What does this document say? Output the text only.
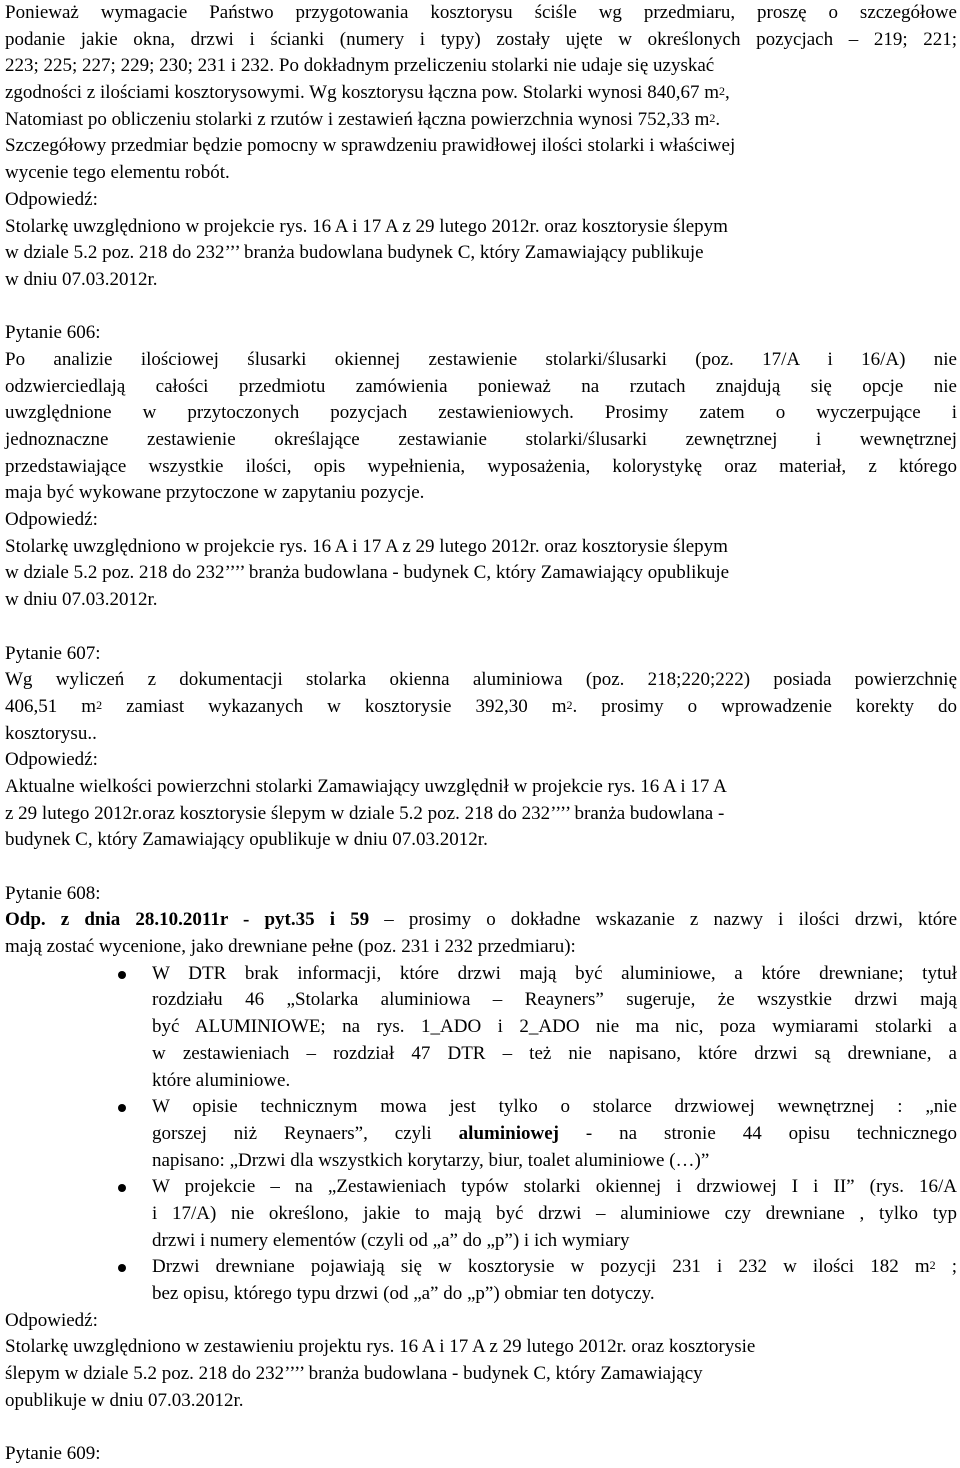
Ponieważ wymagacie Państwo przygotowania kosztorysu ściśle wg przedmiaru, proszę o szczegółowe
podanie jakie okna, drzwi i ścianki (numery i typy) zostały ujęte w określonych pozycjach – 219; 221;
223; 225; 227; 229; 230; 231 i 232. Po dokładnym przeliczeniu stolarki nie udaje się uzyskać
zgodności z ilościami kosztorysowymi. Wg kosztorysu łączna pow. Stolarki wynosi 840,67 $m^2$,
Natomiast po obliczeniu stolarki z rzutów i zestawień łączna powierzchnia wynosi 752,33 $m^2$.
Szczegółowy przedmiar będzie pomocny w sprawdzeniu prawidłowej ilości stolarki i właściwej
wycenie tego elementu robót.
Odpowiedź:
Stolarkę uwzględniono w projekcie rys. 16 A i 17 A z 29 lutego 2012r. oraz kosztorysie ślepym
w dziale 5.2 poz. 218 do 232’’’ branża budowlana budynek C, który Zamawiający publikuje
w dniu 07.03.2012r.
Pytanie 606:
Po analizie ilościowej ślusarki okiennej zestawienie stolarki/ślusarki (poz. 17/A i 16/A) nie
odzwierciedlają całości przedmiotu zamówienia ponieważ na rzutach znajdują się opcje nie
uwzględnione w przytoczonych pozycjach zestawieniowych. Prosimy zatem o wyczerpujące i
jednoznaczne zestawienie określające zestawianie stolarki/ślusarki zewnętrznej i wewnętrznej
przedstawiające wszystkie ilości, opis wypełnienia, wyposażenia, kolorystykę oraz materiał, z którego
maja być wykowane przytoczone w zapytaniu pozycje.
Odpowiedź:
Stolarkę uwzględniono w projekcie rys. 16 A i 17 A z 29 lutego 2012r. oraz kosztorysie ślepym
w dziale 5.2 poz. 218 do 232’’’’ branża budowlana - budynek C, który Zamawiający opublikuje
w dniu 07.03.2012r.
Pytanie 607:
Wg wyliczeń z dokumentacji stolarka okienna aluminiowa (poz. 218;220;222) posiada powierzchnię
406,51 $m^2$ zamiast wykazanych w kosztorysie 392,30 $m^2$. prosimy o wprowadzenie korekty do
kosztorysu..
Odpowiedź:
Aktualne wielkości powierzchni stolarki Zamawiający uwzględnił w projekcie rys. 16 A i 17 A
z 29 lutego 2012r.oraz kosztorysie ślepym w dziale 5.2 poz. 218 do 232’’’’ branża budowlana -
budynek C, który Zamawiający opublikuje w dniu 07.03.2012r.
Pytanie 608:
Odp. z dnia 28.10.2011r - pyt.35 i 59 – prosimy o dokładne wskazanie z nazwy i ilości drzwi, które
mają zostać wycenione, jako drewniane pełne (poz. 231 i 232 przedmiaru):
W DTR brak informacji, które drzwi mają być aluminiowe, a które drewniane; tytuł
rozdziału 46 „Stolarka aluminiowa – Reayners” sugeruje, że wszystkie drzwi mają
być ALUMINIOWE; na rys. 1_ADO i 2_ADO nie ma nic, poza wymiarami stolarki a
w zestawieniach – rozdział 47 DTR – też nie napisano, które drzwi są drewniane, a
które aluminiowe.
W opisie technicznym mowa jest tylko o stolarce drzwiowej wewnętrznej : „nie
gorszej niż Reynaers”, czyli aluminiowej - na stronie 44 opisu technicznego
napisano: „Drzwi dla wszystkich korytarzy, biur, toalet aluminiowe (…)”
W projekcie – na „Zestawieniach typów stolarki okiennej i drzwiowej I i II” (rys. 16/A
i 17/A) nie określono, jakie to mają być drzwi – aluminiowe czy drewniane , tylko typ
drzwi i numery elementów (czyli od „a” do „p”) i ich wymiary
Drzwi drewniane pojawiają się w kosztorysie w pozycji 231 i 232 w ilości 182 $m^2$ ;
bez opisu, którego typu drzwi (od „a” do „p”) obmiar ten dotyczy.
Odpowiedź:
Stolarkę uwzględniono w zestawieniu projektu rys. 16 A i 17 A z 29 lutego 2012r. oraz kosztorysie
ślepym w dziale 5.2 poz. 218 do 232’’’’ branża budowlana - budynek C, który Zamawiający
opublikuje w dniu 07.03.2012r.
Pytanie 609:
